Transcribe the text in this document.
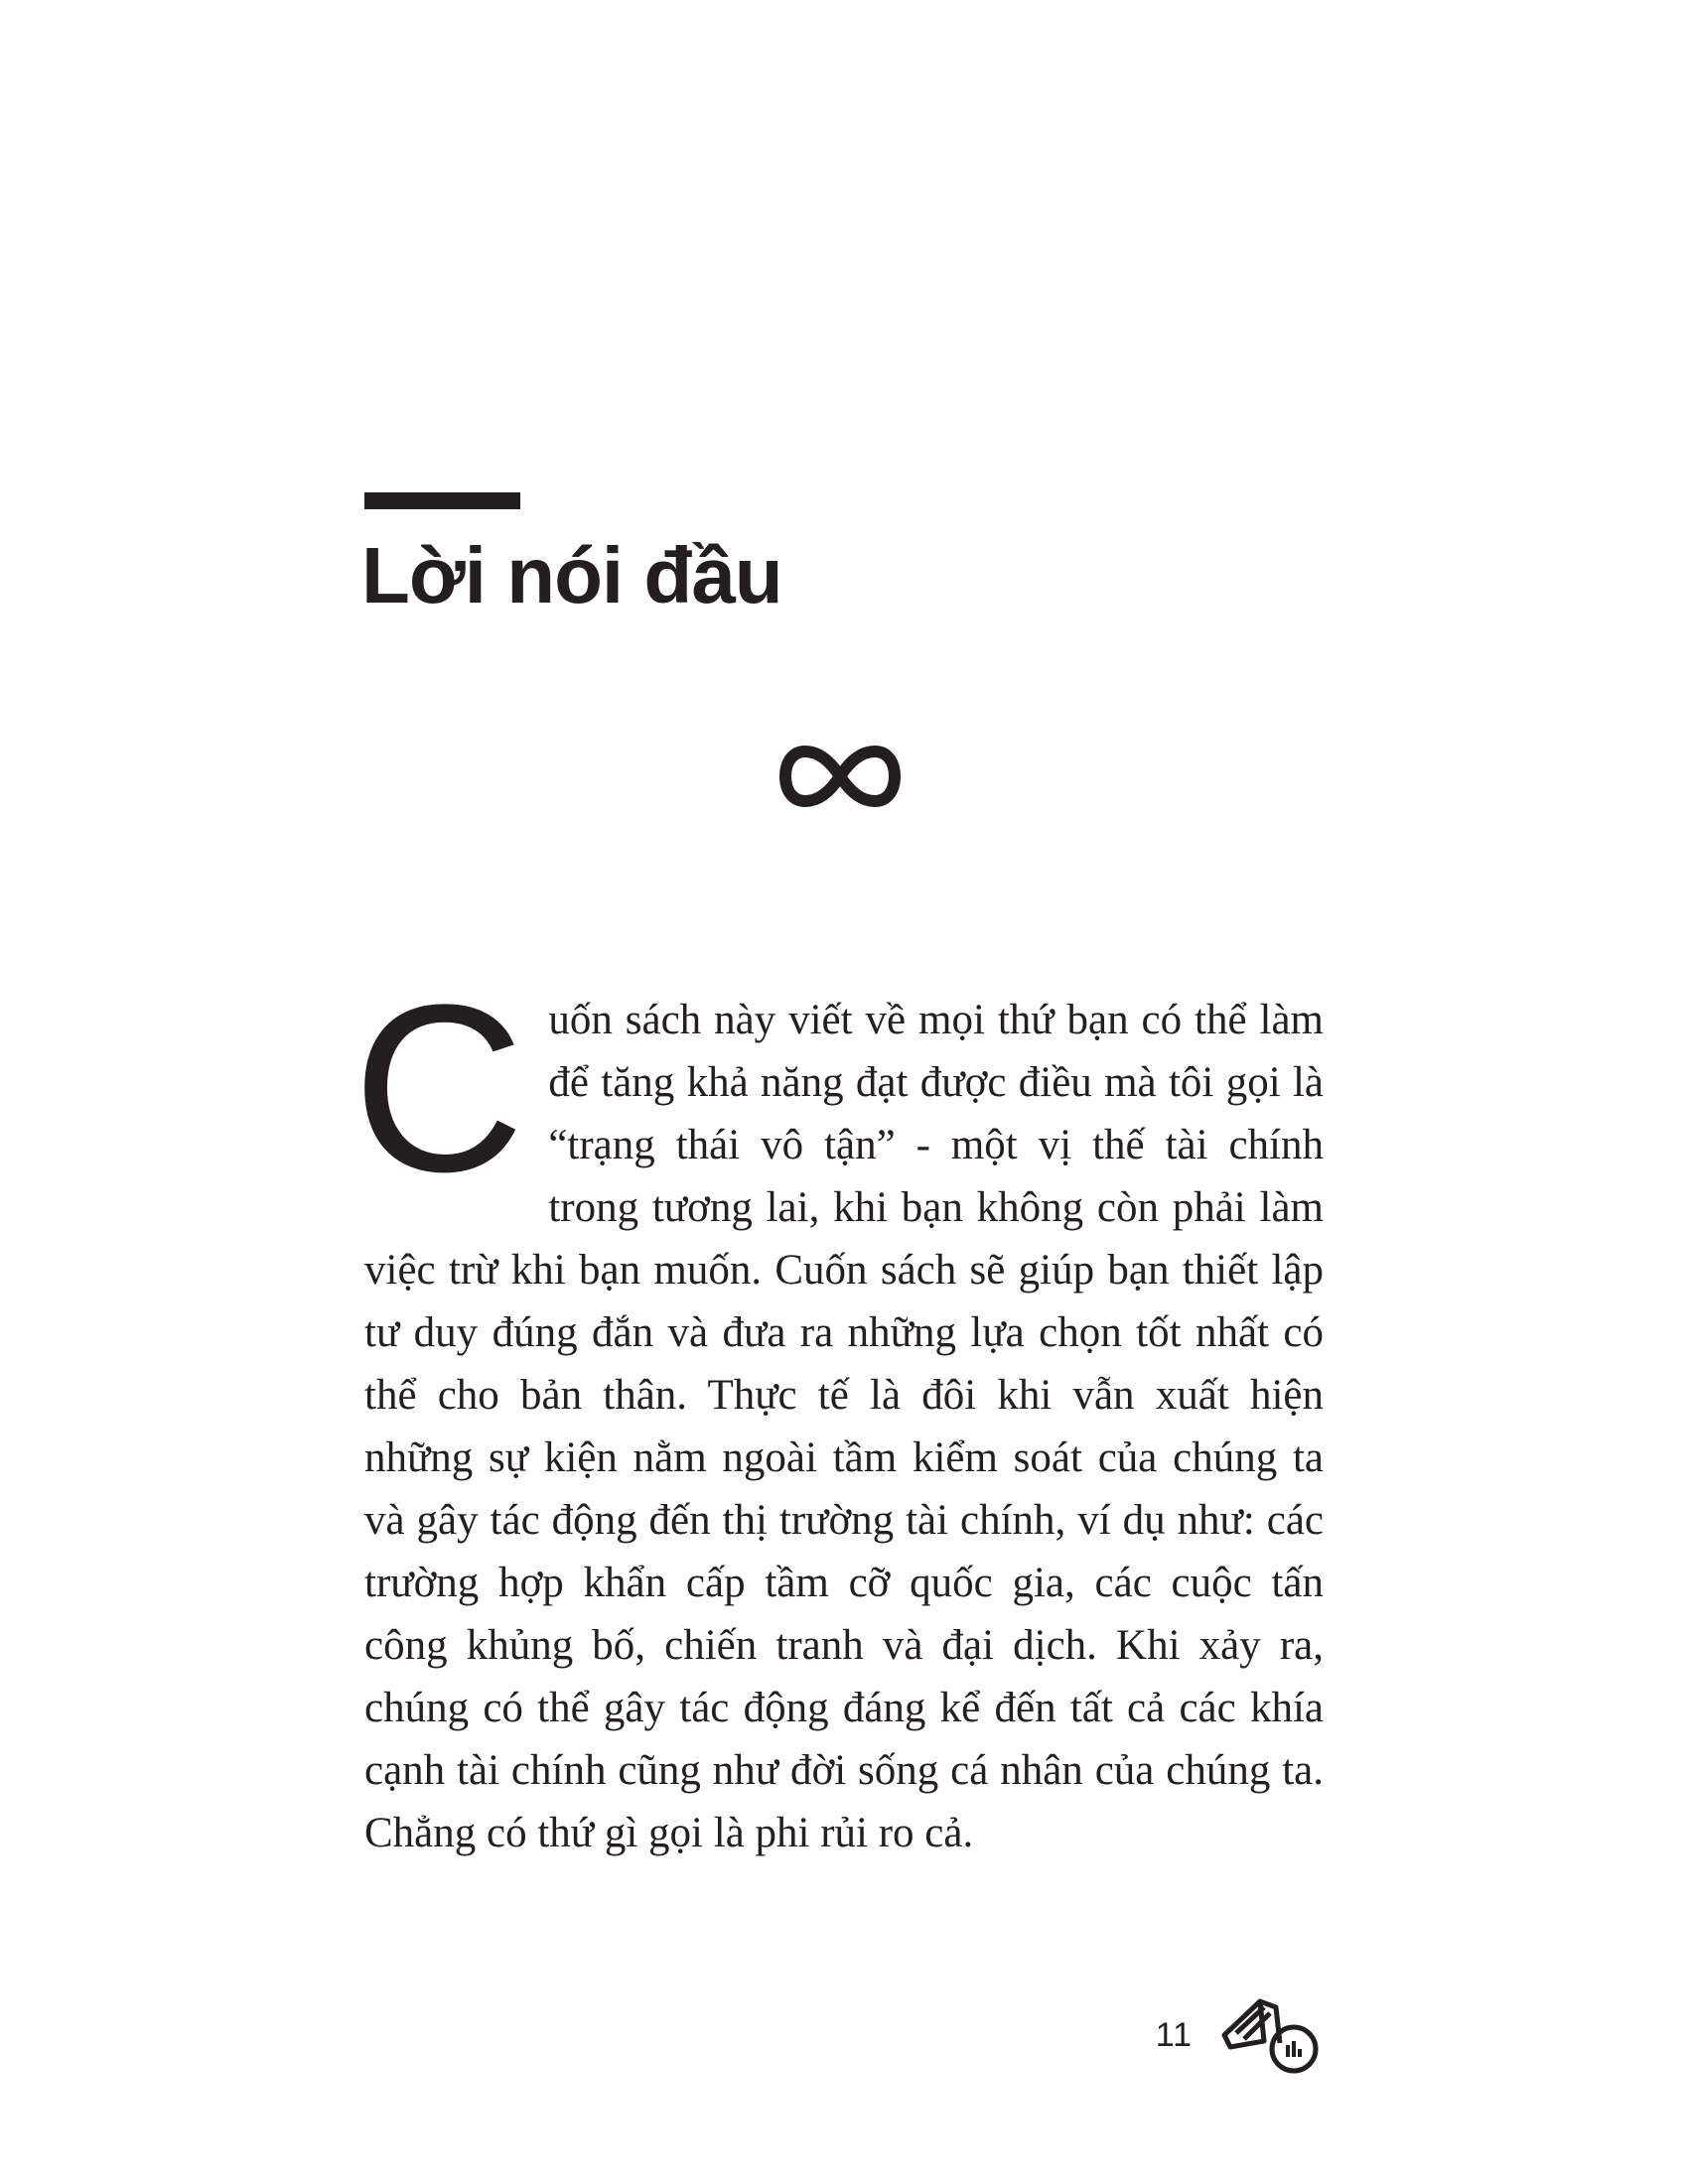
Lời nói đầu

Cuốn sách này viết về mọi thứ bạn có thể làm để tăng khả năng đạt được điều mà tôi gọi là “trạng thái vô tận” - một vị thế tài chính trong tương lai, khi bạn không còn phải làm việc trừ khi bạn muốn. Cuốn sách sẽ giúp bạn thiết lập tư duy đúng đắn và đưa ra những lựa chọn tốt nhất có thể cho bản thân. Thực tế là đôi khi vẫn xuất hiện những sự kiện nằm ngoài tầm kiểm soát của chúng ta và gây tác động đến thị trường tài chính, ví dụ như: các trường hợp khẩn cấp tầm cỡ quốc gia, các cuộc tấn công khủng bố, chiến tranh và đại dịch. Khi xảy ra, chúng có thể gây tác động đáng kể đến tất cả các khía cạnh tài chính cũng như đời sống cá nhân của chúng ta. Chẳng có thứ gì gọi là phi rủi ro cả.

11
